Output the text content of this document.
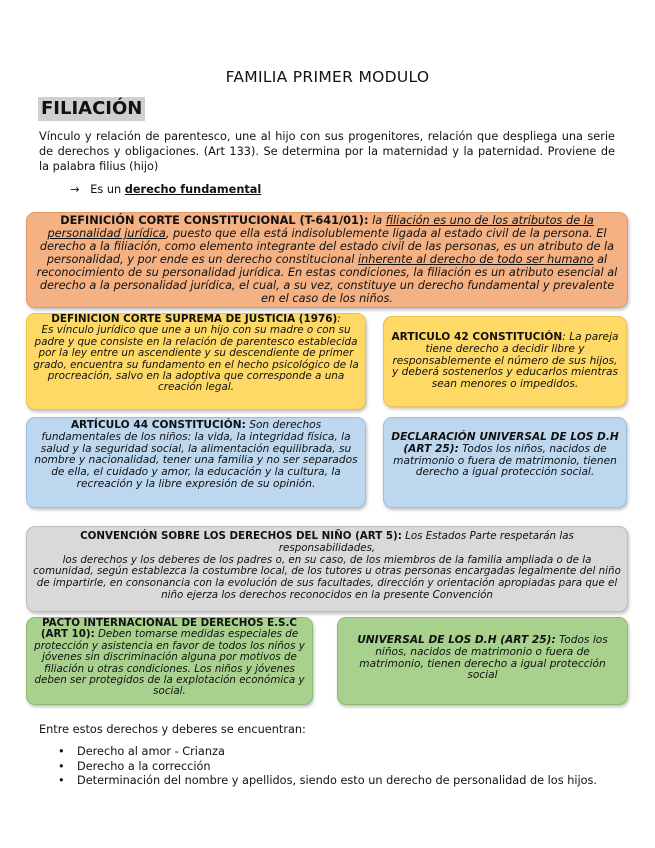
FAMILIA PRIMER MODULO
FILIACIÓN
Vínculo y relación de parentesco, une al hijo con sus progenitores, relación que despliega una serie de derechos y obligaciones. (Art 133). Se determina por la maternidad y la paternidad. Proviene de la palabra filius (hijo)
→ Es un derecho fundamental
DEFINICIÓN CORTE CONSTITUCIONAL (T-641/01): la filiación es uno de los atributos de la personalidad jurídica, puesto que ella está indisolublemente ligada al estado civil de la persona. El derecho a la filiación, como elemento integrante del estado civil de las personas, es un atributo de la personalidad, y por ende es un derecho constitucional inherente al derecho de todo ser humano al reconocimiento de su personalidad jurídica. En estas condiciones, la filiación es un atributo esencial al derecho a la personalidad jurídica, el cual, a su vez, constituye un derecho fundamental y prevalente en el caso de los niños.
DEFINICIÓN CORTE SUPREMA DE JUSTICIA (1976):
Es vínculo jurídico que une a un hijo con su madre o con su padre y que consiste en la relación de parentesco establecida por la ley entre un ascendiente y su descendiente de primer grado, encuentra su fundamento en el hecho psicológico de la procreación, salvo en la adoptiva que corresponde a una creación legal.
ARTICULO 42 CONSTITUCIÓN: La pareja tiene derecho a decidir libre y responsablemente el número de sus hijos, y deberá sostenerlos y educarlos mientras sean menores o impedidos.
ARTÍCULO 44 CONSTITUCIÓN: Son derechos fundamentales de los niños: la vida, la integridad física, la salud y la seguridad social, la alimentación equilibrada, su nombre y nacionalidad, tener una familia y no ser separados de ella, el cuidado y amor, la educación y la cultura, la recreación y la libre expresión de su opinión.
DECLARACIÓN UNIVERSAL DE LOS D.H (ART 25): Todos los niños, nacidos de matrimonio o fuera de matrimonio, tienen derecho a igual protección social.
CONVENCIÓN SOBRE LOS DERECHOS DEL NIÑO (ART 5): Los Estados Parte respetarán las responsabilidades,
los derechos y los deberes de los padres o, en su caso, de los miembros de la familia ampliada o de la comunidad, según establezca la costumbre local, de los tutores u otras personas encargadas legalmente del niño de impartirle, en consonancia con la evolución de sus facultades, dirección y orientación apropiadas para que el niño ejerza los derechos reconocidos en la presente Convención
PACTO INTERNACIONAL DE DERECHOS E.S.C (ART 10): Deben tomarse medidas especiales de protección y asistencia en favor de todos los niños y jóvenes sin discriminación alguna por motivos de filiación u otras condiciones. Los niños y jóvenes deben ser protegidos de la explotación económica y social.
UNIVERSAL DE LOS D.H (ART 25): Todos los niños, nacidos de matrimonio o fuera de matrimonio, tienen derecho a igual protección social
Entre estos derechos y deberes se encuentran:
• Derecho al amor - Crianza
• Derecho a la corrección
• Determinación del nombre y apellidos, siendo esto un derecho de personalidad de los hijos.
